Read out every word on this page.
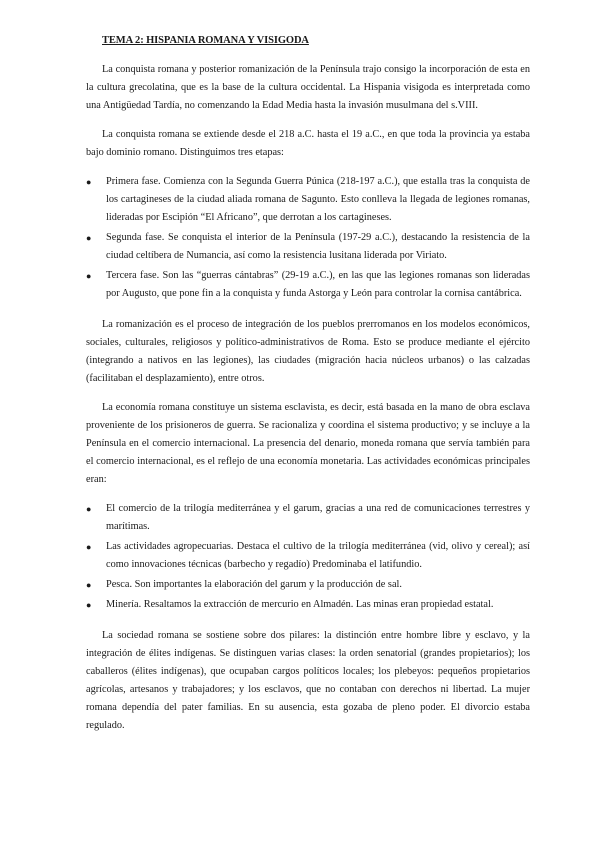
TEMA 2: HISPANIA ROMANA Y VISIGODA

La conquista romana y posterior romanización de la Península trajo consigo la incorporación de esta en la cultura grecolatina, que es la base de la cultura occidental. La Hispania visigoda es interpretada como una Antigüedad Tardía, no comenzando la Edad Media hasta la invasión musulmana del s.VIII.

La conquista romana se extiende desde el 218 a.C. hasta el 19 a.C., en que toda la provincia ya estaba bajo dominio romano. Distinguimos tres etapas:

● Primera fase. Comienza con la Segunda Guerra Púnica (218-197 a.C.), que estalla tras la conquista de los cartagineses de la ciudad aliada romana de Sagunto. Esto conlleva la llegada de legiones romanas, lideradas por Escipión “El Africano”, que derrotan a los cartagineses.
● Segunda fase. Se conquista el interior de la Península (197-29 a.C.), destacando la resistencia de la ciudad celtíbera de Numancia, así como la resistencia lusitana liderada por Viriato.
● Tercera fase. Son las “guerras cántabras” (29-19 a.C.), en las que las legiones romanas son lideradas por Augusto, que pone fin a la conquista y funda Astorga y León para controlar la cornisa cantábrica.

La romanización es el proceso de integración de los pueblos prerromanos en los modelos económicos, sociales, culturales, religiosos y político-administrativos de Roma. Esto se produce mediante el ejército (integrando a nativos en las legiones), las ciudades (migración hacia núcleos urbanos) o las calzadas (facilitaban el desplazamiento), entre otros.

La economía romana constituye un sistema esclavista, es decir, está basada en la mano de obra esclava proveniente de los prisioneros de guerra. Se racionaliza y coordina el sistema productivo; y se incluye a la Península en el comercio internacional. La presencia del denario, moneda romana que servía también para el comercio internacional, es el reflejo de una economía monetaria. Las actividades económicas principales eran:

● El comercio de la trilogía mediterránea y el garum, gracias a una red de comunicaciones terrestres y marítimas.
● Las actividades agropecuarias. Destaca el cultivo de la trilogía mediterránea (vid, olivo y cereal); así como innovaciones técnicas (barbecho y regadío) Predominaba el latifundio.
● Pesca. Son importantes la elaboración del garum y la producción de sal.
● Minería. Resaltamos la extracción de mercurio en Almadén. Las minas eran propiedad estatal.

La sociedad romana se sostiene sobre dos pilares: la distinción entre hombre libre y esclavo, y la integración de élites indígenas. Se distinguen varias clases: la orden senatorial (grandes propietarios); los caballeros (élites indígenas), que ocupaban cargos políticos locales; los plebeyos: pequeños propietarios agrícolas, artesanos y trabajadores; y los esclavos, que no contaban con derechos ni libertad. La mujer romana dependía del pater familias. En su ausencia, esta gozaba de pleno poder. El divorcio estaba regulado.
